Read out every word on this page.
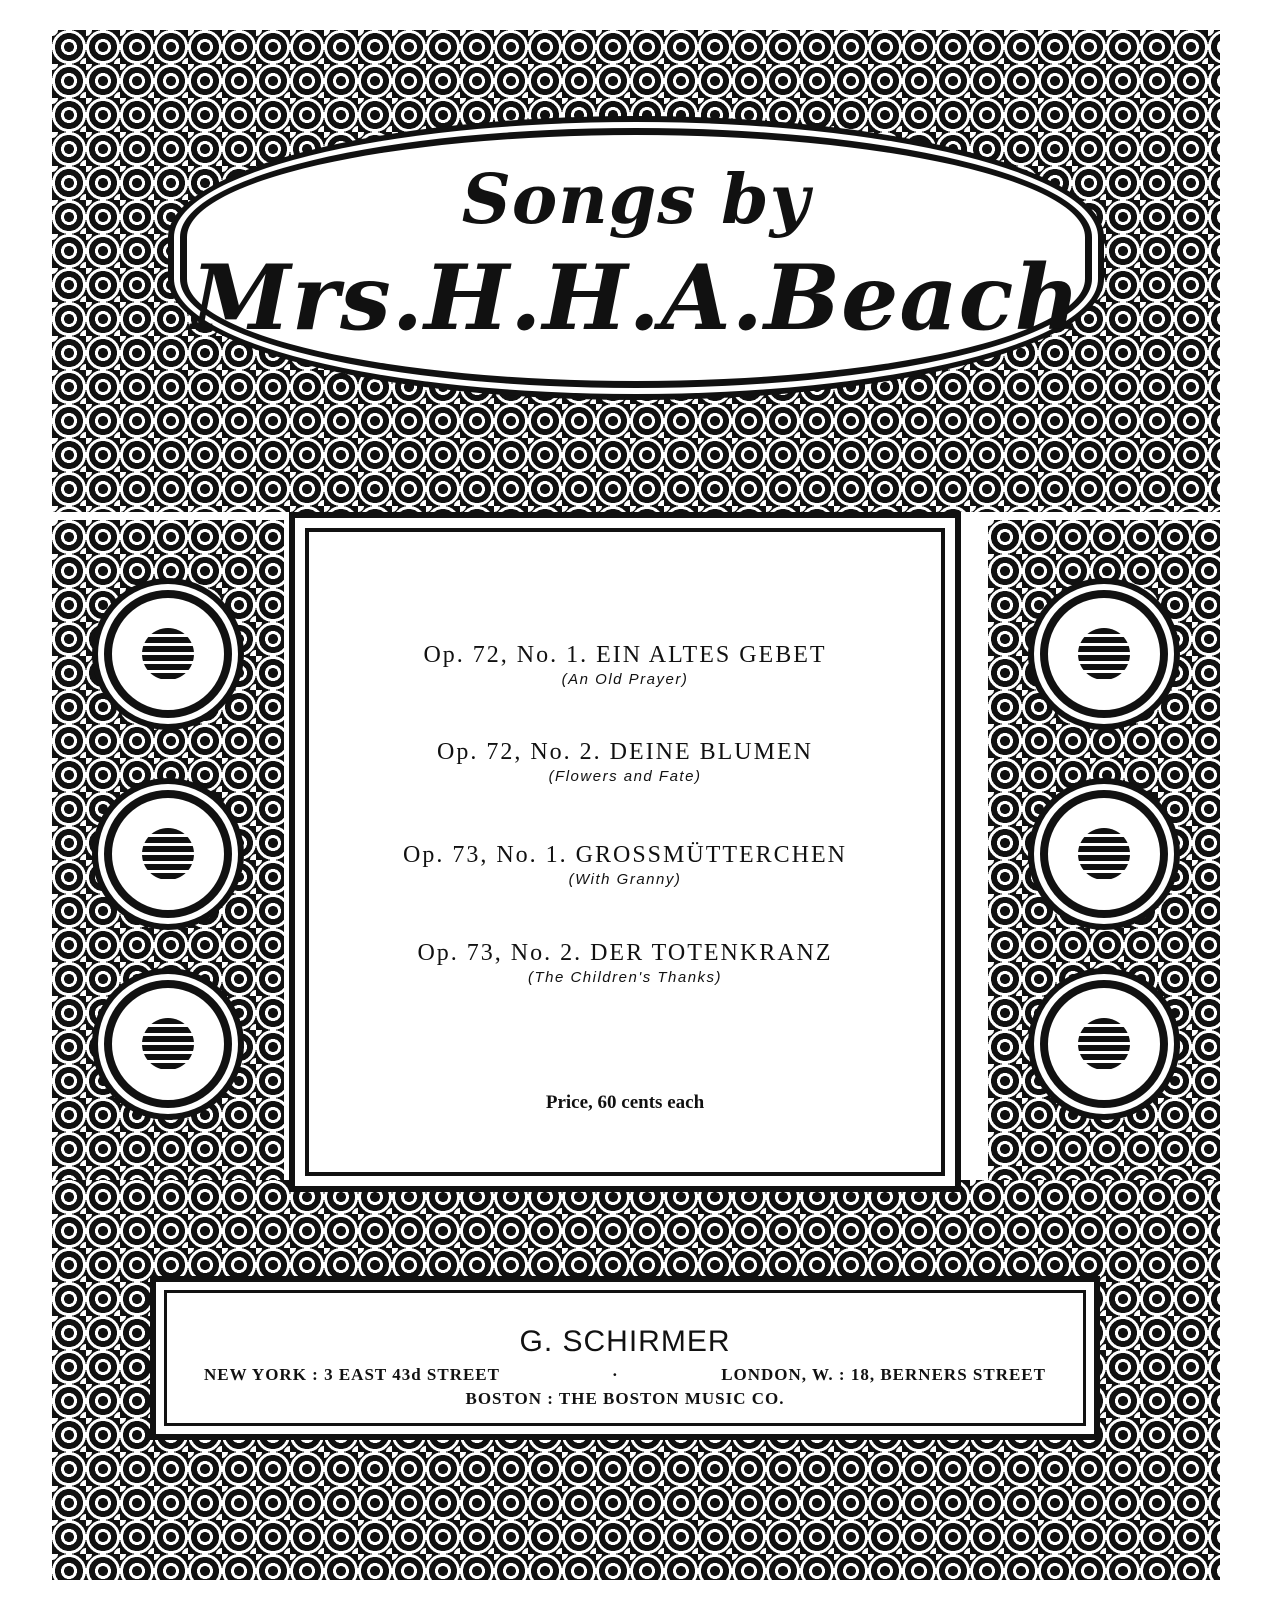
Songs by
Mrs.H.H.A.Beach
Op. 72, No. 1. EIN ALTES GEBET
(An Old Prayer)
Op. 72, No. 2. DEINE BLUMEN
(Flowers and Fate)
Op. 73, No. 1. GROSSMÜTTERCHEN
(With Granny)
Op. 73, No. 2. DER TOTENKRANZ
(The Children's Thanks)
Price, 60 cents each
G. SCHIRMER
NEW YORK : 3 EAST 43d STREET	·	LONDON, W. : 18, BERNERS STREET
BOSTON : THE BOSTON MUSIC CO.
